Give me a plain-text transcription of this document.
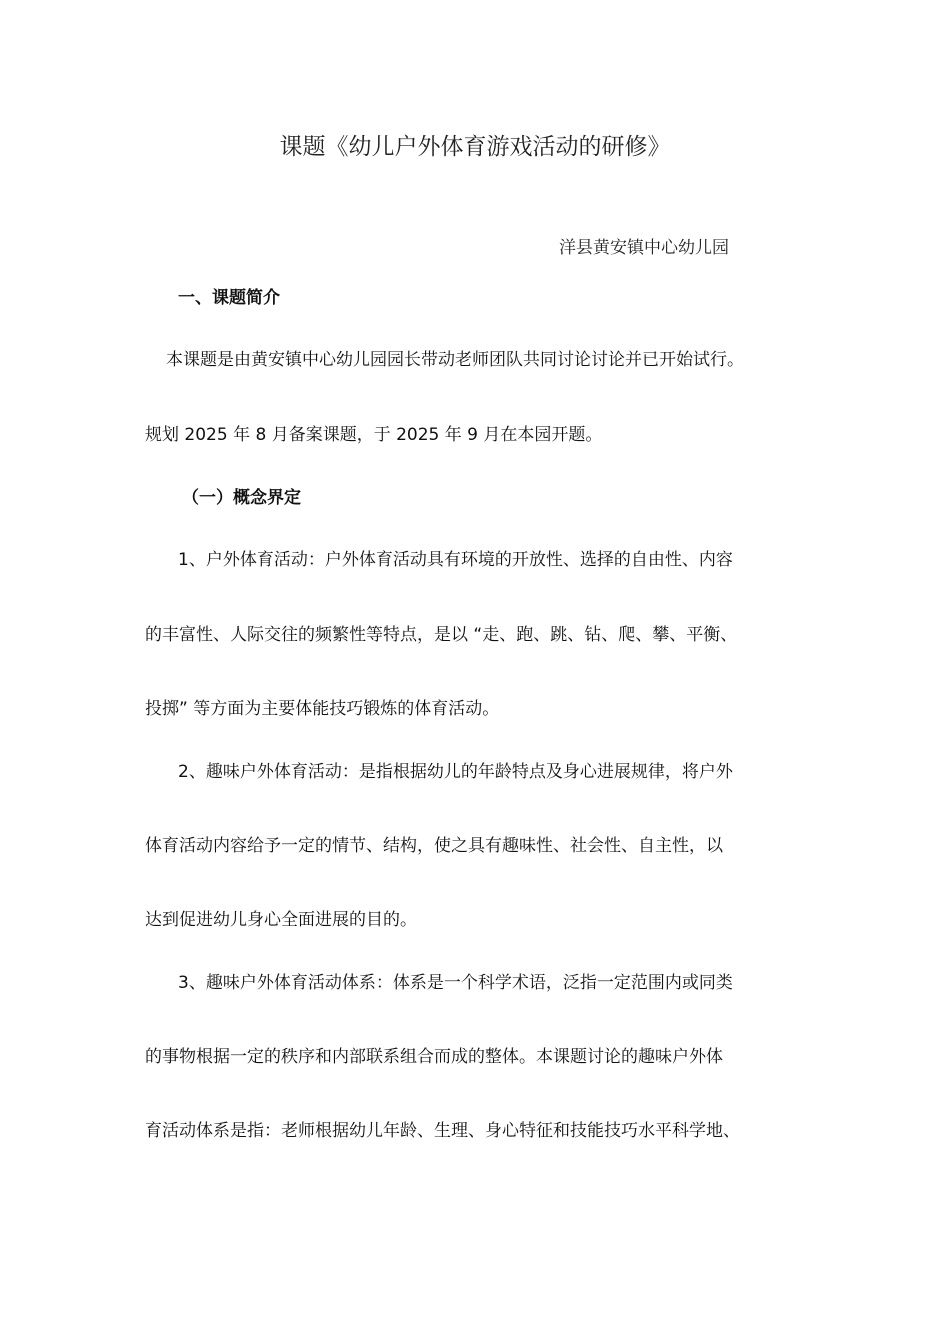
课题《幼儿户外体育游戏活动的研修》
洋县黄安镇中心幼儿园
一、课题简介
本课题是由黄安镇中心幼儿园园长带动老师团队共同讨论讨论并已开始试行。
规划 2025 年 8 月备案课题，于 2025 年 9 月在本园开题。
（一）概念界定
1、户外体育活动：户外体育活动具有环境的开放性、选择的自由性、内容
的丰富性、人际交往的频繁性等特点，是以 “走、跑、跳、钻、爬、攀、平衡、
投掷” 等方面为主要体能技巧锻炼的体育活动。
2、趣味户外体育活动：是指根据幼儿的年龄特点及身心进展规律，将户外
体育活动内容给予一定的情节、结构，使之具有趣味性、社会性、自主性，以
达到促进幼儿身心全面进展的目的。
3、趣味户外体育活动体系：体系是一个科学术语，泛指一定范围内或同类
的事物根据一定的秩序和内部联系组合而成的整体。本课题讨论的趣味户外体
育活动体系是指：老师根据幼儿年龄、生理、身心特征和技能技巧水平科学地、
